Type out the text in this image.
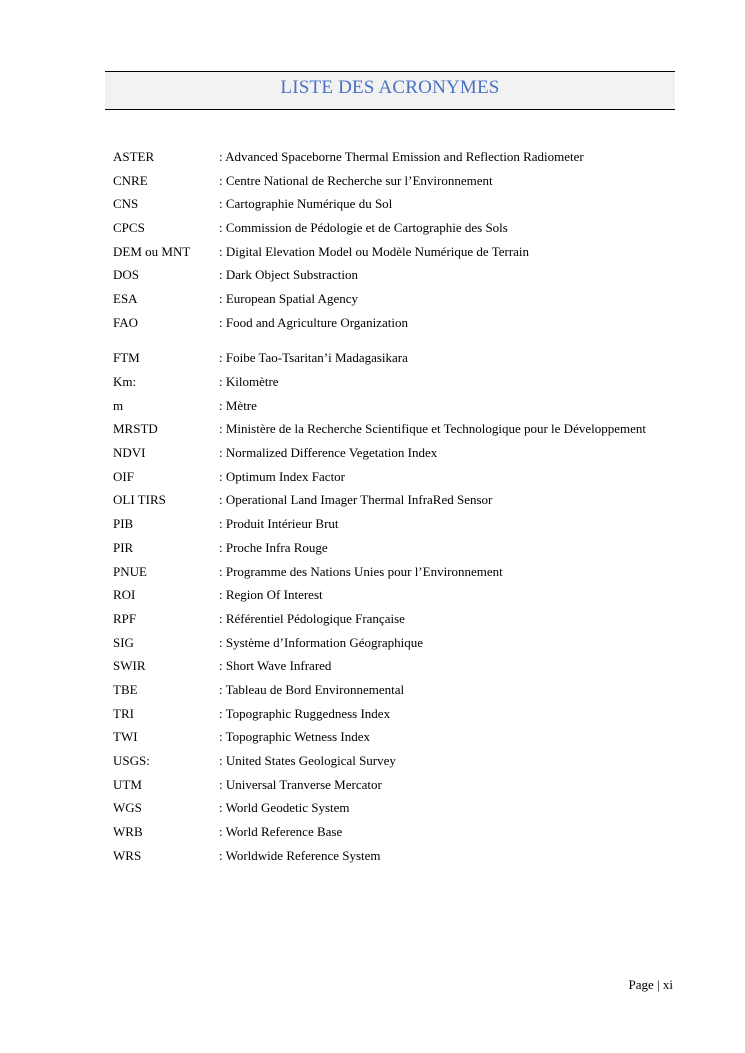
LISTE DES ACRONYMES
ASTER	: Advanced Spaceborne Thermal Emission and Reflection Radiometer
CNRE	: Centre National de Recherche sur l’Environnement
CNS	: Cartographie Numérique du Sol
CPCS	: Commission de Pédologie et de Cartographie des Sols
DEM ou MNT	: Digital Elevation Model ou Modèle Numérique de Terrain
DOS	: Dark Object Substraction
ESA	: European Spatial Agency
FAO	: Food and Agriculture Organization
FTM	: Foibe Tao-Tsaritan’i Madagasikara
Km:	: Kilomètre
m	: Mètre
MRSTD	: Ministère de la Recherche Scientifique et Technologique pour le Développement
NDVI	: Normalized Difference Vegetation Index
OIF	: Optimum Index Factor
OLI TIRS	: Operational Land Imager Thermal InfraRed Sensor
PIB	: Produit Intérieur Brut
PIR	: Proche Infra Rouge
PNUE	: Programme des Nations Unies pour l’Environnement
ROI	: Region Of Interest
RPF	: Référentiel Pédologique Française
SIG	: Système d’Information Géographique
SWIR	: Short Wave Infrared
TBE	: Tableau de Bord Environnemental
TRI	: Topographic Ruggedness Index
TWI	: Topographic Wetness Index
USGS:	: United States Geological Survey
UTM	: Universal Tranverse Mercator
WGS	: World Geodetic System
WRB	: World Reference Base
WRS	: Worldwide Reference System
Page | xi
